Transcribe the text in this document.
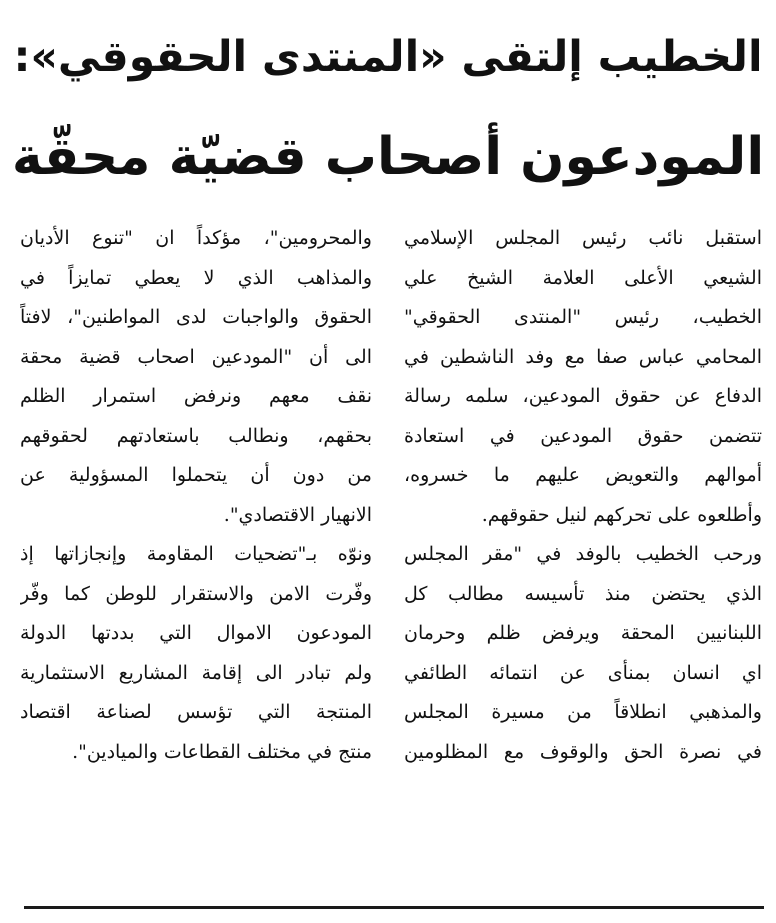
الخطيب إلتقى «المنتدى الحقوقي»:
المودعون أصحاب قضيّة محقّة
استقبل نائب رئيس المجلس الإسلامي
الشيعي الأعلى العلامة الشيخ علي
الخطيب، رئيس "المنتدى الحقوقي"
المحامي عباس صفا مع وفد الناشطين في
الدفاع عن حقوق المودعين، سلمه رسالة
تتضمن حقوق المودعين في استعادة
أموالهم والتعويض عليهم ما خسروه،
وأطلعوه على تحركهم لنيل حقوقهم.
ورحب الخطيب بالوفد في "مقر المجلس
الذي يحتضن منذ تأسيسه مطالب كل
اللبنانيين المحقة ويرفض ظلم وحرمان
اي انسان بمنأى عن انتمائه الطائفي
والمذهبي انطلاقاً من مسيرة المجلس
في نصرة الحق والوقوف مع المظلومين
والمحرومين"، مؤكداً ان "تنوع الأديان
والمذاهب الذي لا يعطي تمايزاً في
الحقوق والواجبات لدى المواطنين"، لافتاً
الى أن "المودعين اصحاب قضية محقة
نقف معهم ونرفض استمرار الظلم
بحقهم، ونطالب باستعادتهم لحقوقهم
من دون أن يتحملوا المسؤولية عن
الانهيار الاقتصادي".
ونوّه بـ"تضحيات المقاومة وإنجازاتها إذ
وفّرت الامن والاستقرار للوطن كما وفّر
المودعون الاموال التي بددتها الدولة
ولم تبادر الى إقامة المشاريع الاستثمارية
المنتجة التي تؤسس لصناعة اقتصاد
منتج في مختلف القطاعات والميادين".
